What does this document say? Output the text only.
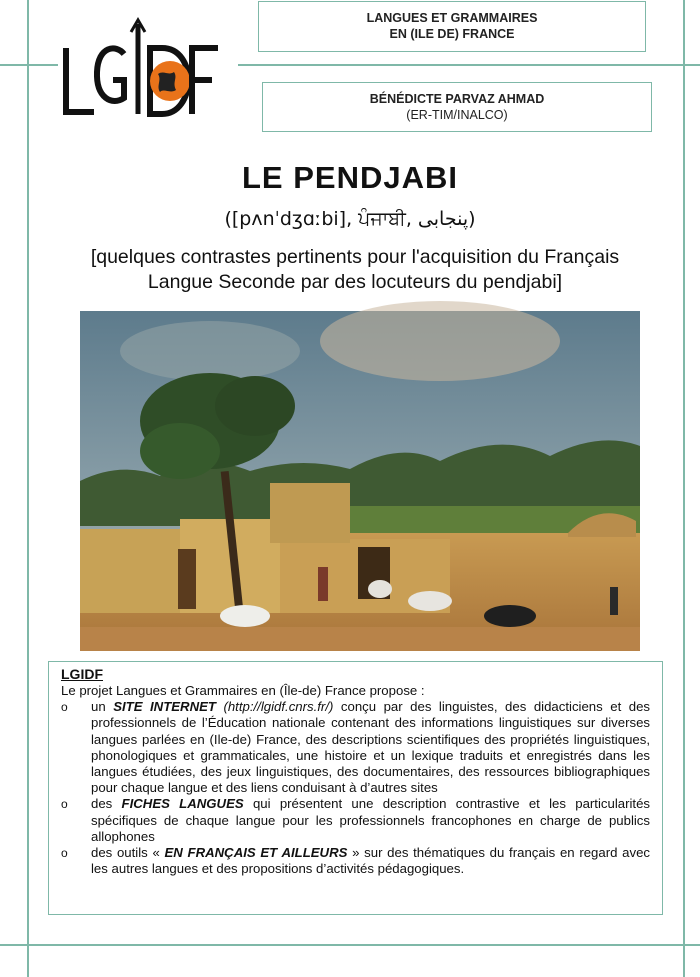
LGIDF
LANGUES ET GRAMMAIRES
EN (ILE DE) FRANCE
BÉNÉDICTE PARVAZ AHMAD
(ER-TIM/INALCO)
LE PENDJABI
([pʌnˈdʒɑːbi], ਪੰਜਾਬੀ, پنجابی)
[quelques contrastes pertinents pour l'acquisition du Français
Langue Seconde par des locuteurs du pendjabi]
LGIDF

Le projet Langues et Grammaires en (Île-de) France propose :

o un SITE INTERNET (http://lgidf.cnrs.fr/) conçu par des linguistes, des didacticiens et des professionnels de l’Éducation nationale contenant des informations linguistiques sur diverses langues parlées en (Ile-de) France, des descriptions scientifiques des propriétés linguistiques, phonologiques et grammaticales, une histoire et un lexique traduits et enregistrés dans les langues étudiées, des jeux linguistiques, des documentaires, des ressources bibliographiques pour chaque langue et des liens conduisant à d’autres sites
o des FICHES LANGUES qui présentent une description contrastive et les particularités spécifiques de chaque langue pour les professionnels francophones en charge de publics allophones
o des outils « EN FRANÇAIS ET AILLEURS » sur des thématiques du français en regard avec les autres langues et des propositions d’activités pédagogiques.
